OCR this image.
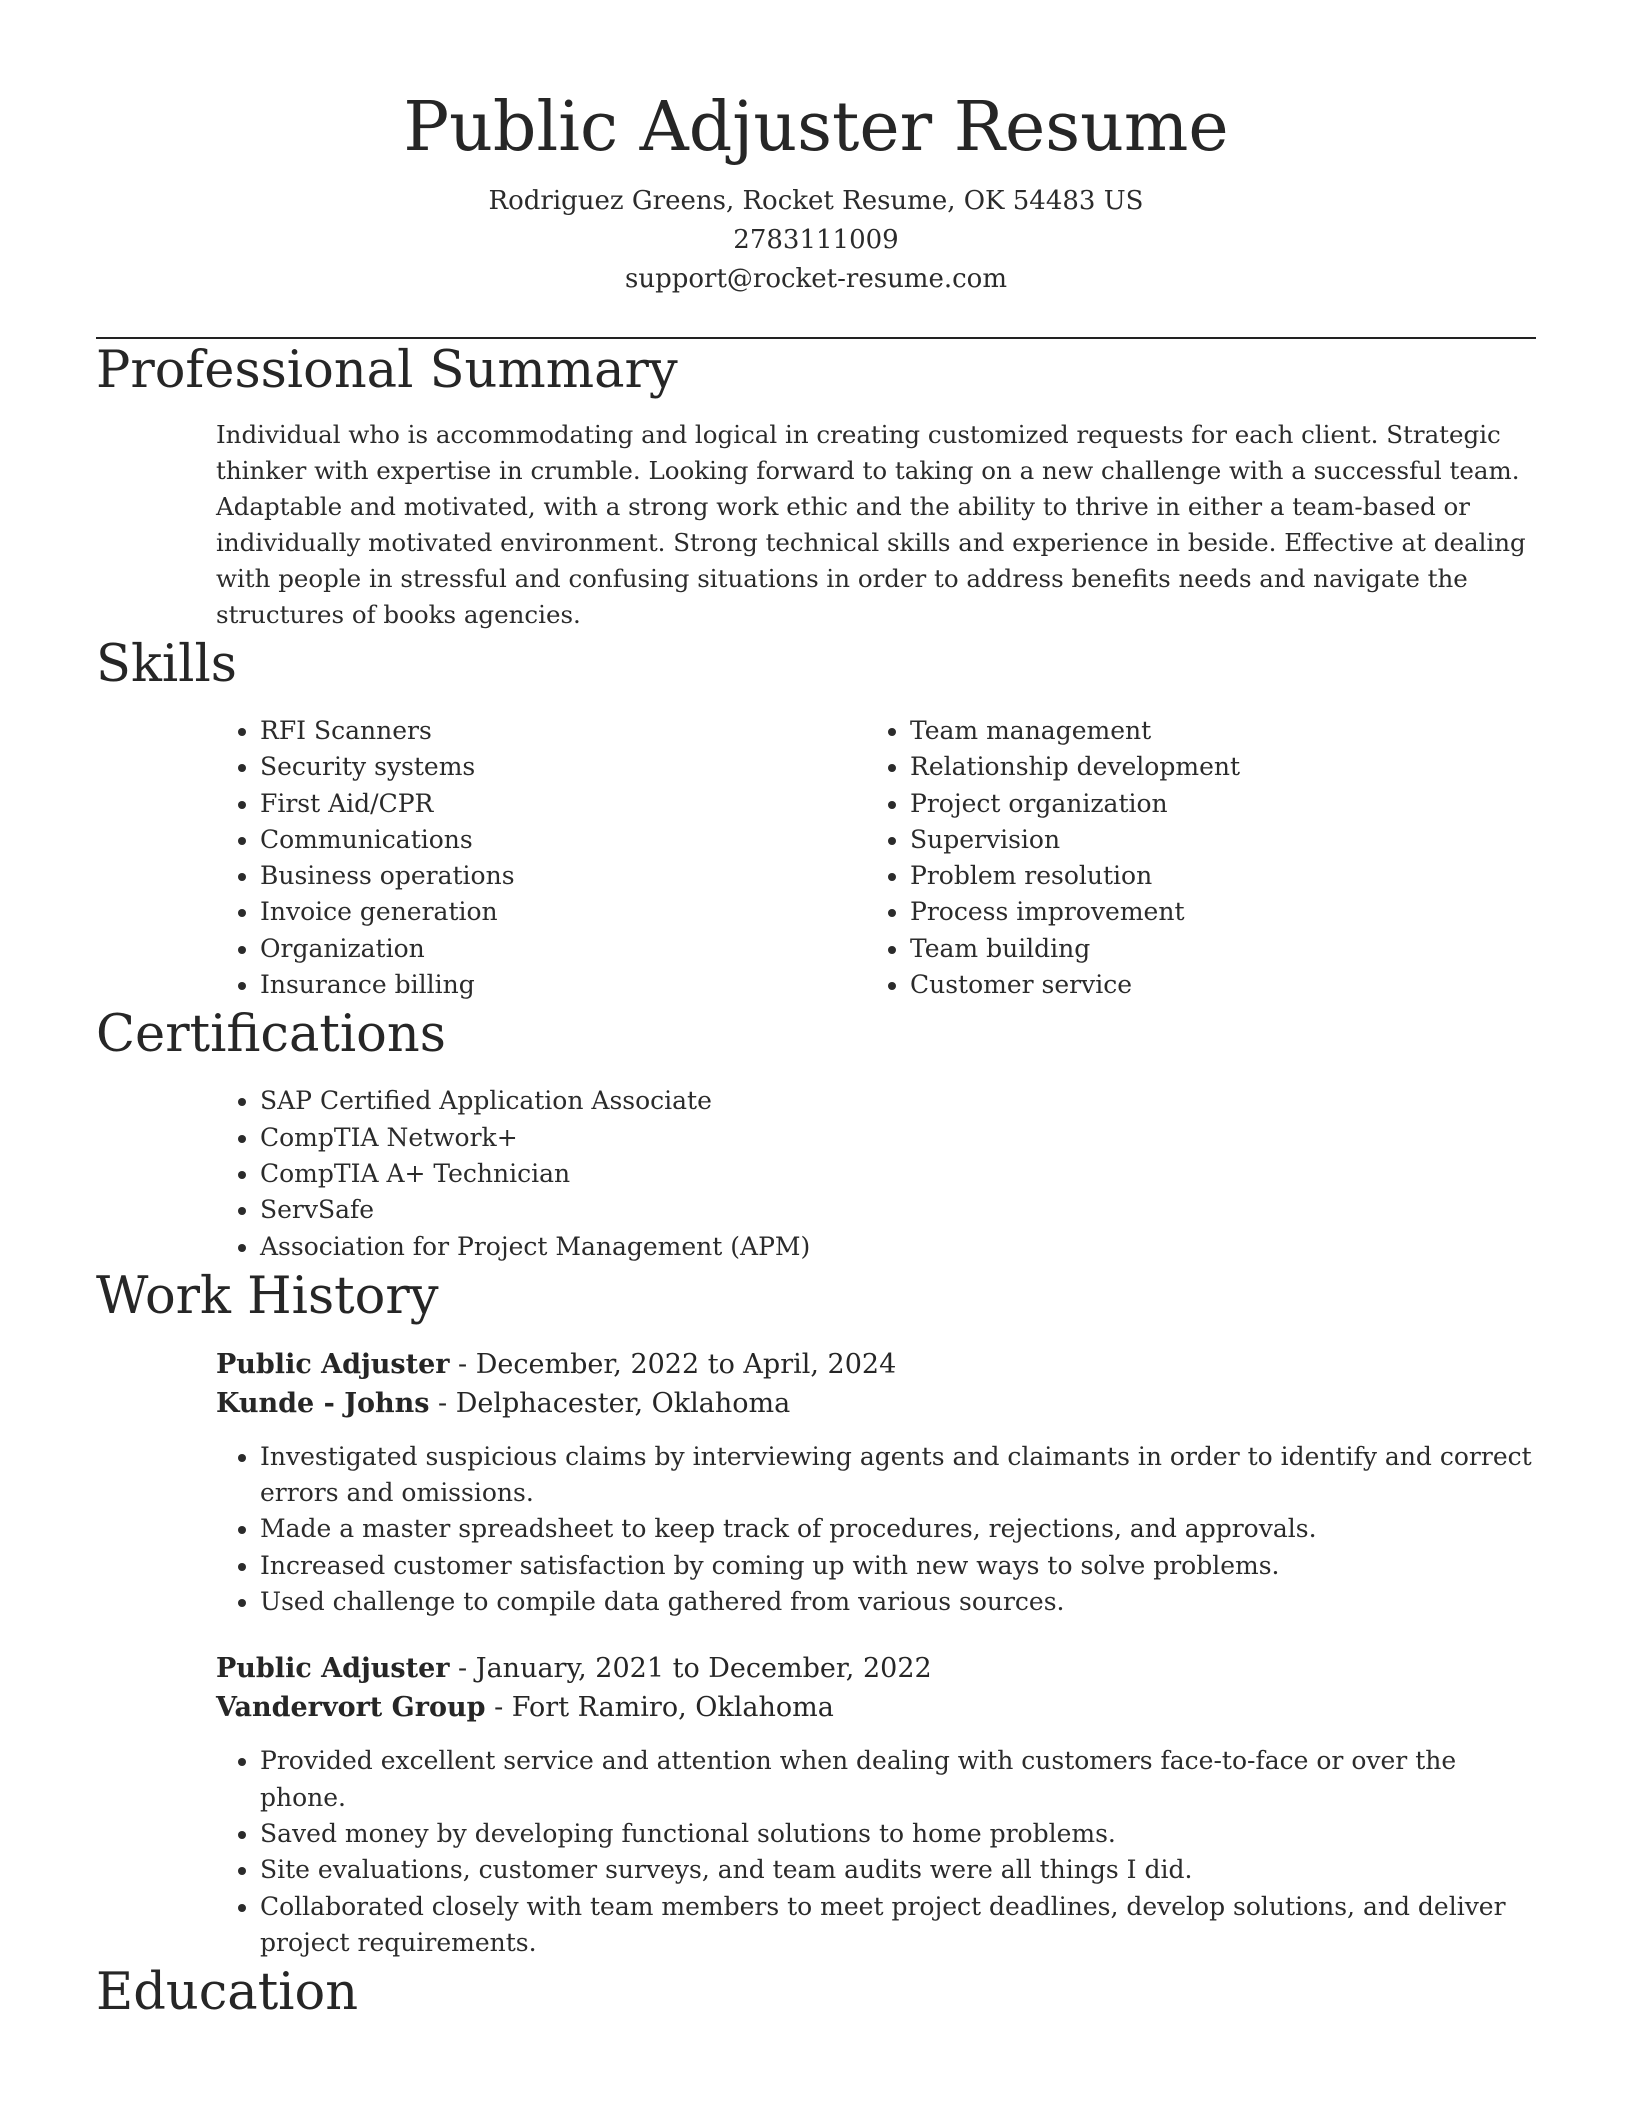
Public Adjuster Resume
Rodriguez Greens, Rocket Resume, OK 54483 US
2783111009
support@rocket-resume.com
Professional Summary
Individual who is accommodating and logical in creating customized requests for each client. Strategic thinker with expertise in crumble. Looking forward to taking on a new challenge with a successful team. Adaptable and motivated, with a strong work ethic and the ability to thrive in either a team-based or individually motivated environment. Strong technical skills and experience in beside. Effective at dealing with people in stressful and confusing situations in order to address benefits needs and navigate the structures of books agencies.
Skills
• RFI Scanners
• Security systems
• First Aid/CPR
• Communications
• Business operations
• Invoice generation
• Organization
• Insurance billing
• Team management
• Relationship development
• Project organization
• Supervision
• Problem resolution
• Process improvement
• Team building
• Customer service
Certifications
• SAP Certified Application Associate
• CompTIA Network+
• CompTIA A+ Technician
• ServSafe
• Association for Project Management (APM)
Work History
Public Adjuster - December, 2022 to April, 2024
Kunde - Johns - Delphacester, Oklahoma
• Investigated suspicious claims by interviewing agents and claimants in order to identify and correct errors and omissions.
• Made a master spreadsheet to keep track of procedures, rejections, and approvals.
• Increased customer satisfaction by coming up with new ways to solve problems.
• Used challenge to compile data gathered from various sources.
Public Adjuster - January, 2021 to December, 2022
Vandervort Group - Fort Ramiro, Oklahoma
• Provided excellent service and attention when dealing with customers face-to-face or over the phone.
• Saved money by developing functional solutions to home problems.
• Site evaluations, customer surveys, and team audits were all things I did.
• Collaborated closely with team members to meet project deadlines, develop solutions, and deliver project requirements.
Education
